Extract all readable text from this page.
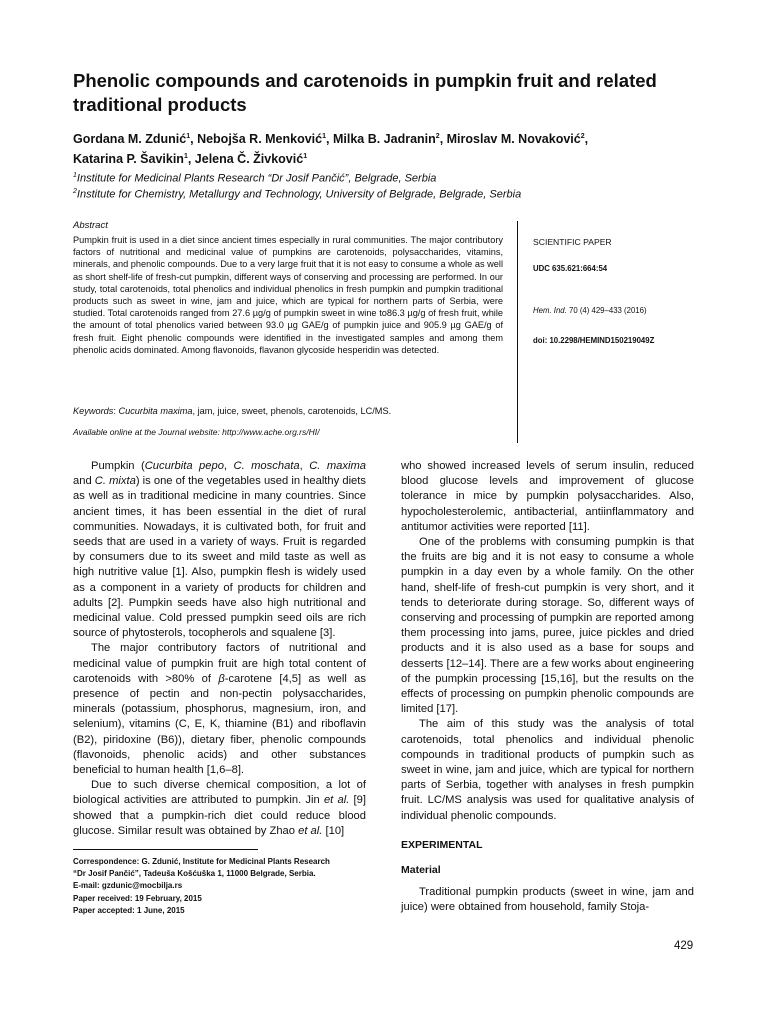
Phenolic compounds and carotenoids in pumpkin fruit and related traditional products
Gordana M. Zdunić$^1$, Nebojša R. Menković$^1$, Milka B. Jadranin$^2$, Miroslav M. Novaković$^2$,
Katarina P. Šavikin$^1$, Jelena Č. Živković$^1$
$^1$Institute for Medicinal Plants Research “Dr Josif Pančić”, Belgrade, Serbia
$^2$Institute for Chemistry, Metallurgy and Technology, University of Belgrade, Belgrade, Serbia
Abstract

Pumpkin fruit is used in a diet since ancient times especially in rural communities. The major contributory factors of nutritional and medicinal value of pumpkins are carotenoids, polysaccharides, vitamins, minerals, and phenolic compounds. Due to a very large fruit that it is not easy to consume a whole as well as short shelf-life of fresh-cut pumpkin, different ways of conserving and processing are performed. In our study, total carotenoids, total phenolics and individual phenolics in fresh pumpkin and pumpkin traditional products such as sweet in wine, jam and juice, which are typical for northern parts of Serbia, were studied. Total carotenoids ranged from 27.6 µg/g of pumpkin sweet in wine to86.3 µg/g of fresh fruit, while the amount of total phenolics varied between 93.0 µg GAE/g of pumpkin juice and 905.9 µg GAE/g of fresh fruit. Eight phenolic compounds were identified in the investigated samples and among them phenolic acids dominated. Among flavonoids, flavanon glycoside hesperidin was detected.

Keywords: Cucurbita maxima, jam, juice, sweet, phenols, carotenoids, LC/MS.
Available online at the Journal website: http://www.ache.org.rs/HI/
SCIENTIFIC PAPER
UDC 635.621:664:54
Hem. Ind. 70 (4) 429–433 (2016)
doi: 10.2298/HEMIND150219049Z

Pumpkin (Cucurbita pepo, C. moschata, C. maxima and C. mixta) is one of the vegetables used in healthy diets as well as in traditional medicine in many countries. Since ancient times, it has been essential in the diet of rural communities. Nowadays, it is cultivated both, for fruit and seeds that are used in a variety of ways. Fruit is regarded by consumers due to its sweet and mild taste as well as high nutritive value [1]. Also, pumpkin flesh is widely used as a component in a variety of products for children and adults [2]. Pumpkin seeds have also high nutritional and medicinal value. Cold pressed pumpkin seed oils are rich source of phytosterols, tocopherols and squalene [3].

The major contributory factors of nutritional and medicinal value of pumpkin fruit are high total content of carotenoids with >80% of β-carotene [4,5] as well as presence of pectin and non-pectin polysaccharides, minerals (potassium, phosphorus, magnesium, iron, and selenium), vitamins (C, E, K, thiamine (B1) and riboflavin (B2), piridoxine (B6)), dietary fiber, phenolic compounds (flavonoids, phenolic acids) and other substances beneficial to human health [1,6–8].

Due to such diverse chemical composition, a lot of biological activities are attributed to pumpkin. Jin et al. [9] showed that a pumpkin-rich diet could reduce blood glucose. Similar result was obtained by Zhao et al. [10]

who showed increased levels of serum insulin, reduced blood glucose levels and improvement of glucose tolerance in mice by pumpkin polysaccharides. Also, hypocholesterolemic, antibacterial, antiinflammatory and antitumor activities were reported [11].

One of the problems with consuming pumpkin is that the fruits are big and it is not easy to consume a whole pumpkin in a day even by a whole family. On the other hand, shelf-life of fresh-cut pumpkin is very short, and it tends to deteriorate during storage. So, different ways of conserving and processing of pumpkin are reported among them processing into jams, puree, juice pickles and dried products and it is also used as a base for soups and desserts [12–14]. There are a few works about engineering of the pumpkin processing [15,16], but the results on the effects of processing on pumpkin phenolic compounds are limited [17].

The aim of this study was the analysis of total carotenoids, total phenolics and individual phenolic compounds in traditional products of pumpkin such as sweet in wine, jam and juice, which are typical for northern parts of Serbia, together with analyses in fresh pumpkin fruit. LC/MS analysis was used for qualitative analysis of individual phenolic compounds.

EXPERIMENTAL

Material

Traditional pumpkin products (sweet in wine, jam and juice) were obtained from household, family Stoja-

Correspondence: G. Zdunić, Institute for Medicinal Plants Research
“Dr Josif Pančić”, Tadeuša Košćuška 1, 11000 Belgrade, Serbia.
E-mail: gzdunic@mocbilja.rs
Paper received: 19 February, 2015
Paper accepted: 1 June, 2015
429
